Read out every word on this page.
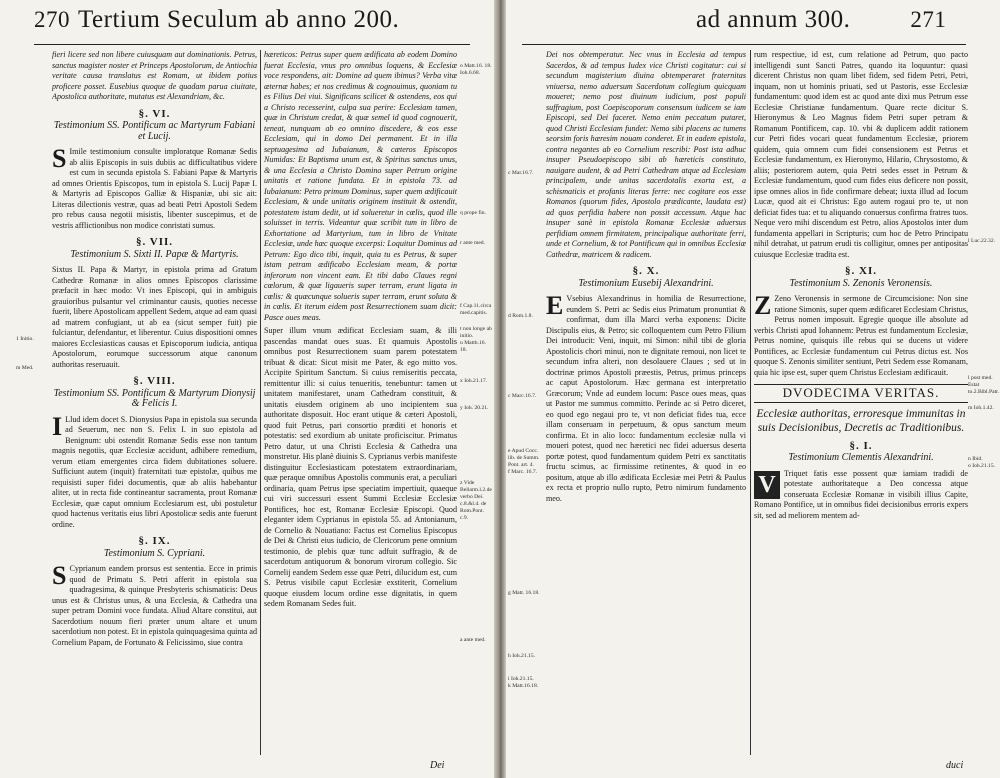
270 Tertium Seculum ab anno 200.

fieri licere sed non libere cuiusquam aut dominationis. Petrus, sanctus magister noster et Princeps Apostolorum, de Antiochia veritate causa translatus est Romam, ut ibidem potius proficere posset. Eusebius quoque de quadam parua ciuitate, Apostolica authoritate, mutatus est Alexandriam, &c.

§. VI.
Testimonium SS. Pontificum ac Martyrum Fabiani et Lucij.

S Imile testimonium consulte imploratque Romanæ Sedis ab aliis Episcopis in suis dubiis ac difficultatibus videre est cum in secunda epistola S. Fabiani Papæ & Martyris ad omnes Orientis Episcopos, tum in epistola S. Lucij Papæ I. & Martyris ad Episcopos Galliæ & Hispaniæ, ubi sic ait: Literas dilectionis vestræ, quas ad beati Petri Apostoli Sedem pro rebus causa negotii misistis, libenter suscepimus, et de vestris afflictionibus non modice conristati sumus.

§. VII.
Testimonium S. Sixti II. Papæ & Martyris.

Sixtus II. Papa & Martyr, in epistola prima ad Gratum Cathedræ Romanæ in alios omnes Episcopos clarissime præfacit in hæc modo: Vt ines Episcopi, qui in ambiguis grauioribus pulsantur vel criminantur causis, quoties necesse fuerit, libere Apostolicam appellent Sedem, atque ad eam quasi ad matrem confugiant, ut ab ea (sicut semper fuit) pie fulciantur, defendantur, et liberentur. Cuius dispositioni omnes maiores Ecclesiasticas causas et Episcoporum iudicia, antiqua Apostolorum, eorumque successorum atque canonum authoritas reseruauit.

§. VIII.
Testimonium SS. Pontificum & Martyrum Dionysij & Felicis I.

I Llud idem docet S. Dionysius Papa in epistola sua secunda ad Seuerum, nec non S. Felix I. in suo epistola ad Benignum: ubi ostendit Romanæ Sedis esse non tantum magnis negotiis, quæ Ecclesiæ accidunt, adhibere remedium, verum etiam emergentes circa fidem dubitationes soluere. Sufficiunt autem (inquit) fraternitati tuæ epistolæ, quibus me requisisti super fidei documentis, quæ ab aliis habebantur aliter, ut in recta fide contineantur sacramenta, prout Romanæ Ecclesiæ, quæ caput omnium Ecclesiarum est, ubi postuletur quod hactenus veritatis eius libri Apostolicæ sedis ante fuerunt ordine.

§. IX.
Testimonium S. Cypriani.

S Cyprianum eandem prorsus est sententia. Ecce in primis quod de Primatu S. Petri afferit in epistola sua quadragesima, & quinque Presbyteris schismaticis: Deus unus est & Christus unus, & una Ecclesia, & Cathedra una super petram Domini voce fundata. Aliud Altare constitui, aut Sacerdotium nouum fieri præter unum altare et unum sacerdotium non potest. Et in epistola quinquagesima quinta ad Cornelium Papam, de Fortunato & Felicissimo, siue contra

hæreticos: Petrus super quem ædificata ab eodem Domino fuerat Ecclesia, vnus pro omnibus loquens, & Ecclesiæ voce respondens, ait: Domine ad quem ibimus? Verba vitæ æternæ habes; et nos credimus & cognouimus, quoniam tu es Filius Dei viui. Significans scilicet & ostendens, eos qui a Christo recesserint, culpa sua perire: Ecclesiam tamen, quæ in Christum credat, & quæ semel id quod cognouerit, teneat, nunquam ab eo omnino discedere, & eos esse Ecclesiam, qui in domo Dei permanent. Et in illa septuagesima ad Iubaianum, & cæteros Episcopos Numidas: Et Baptisma unum est, & Spiritus sanctus unus, & una Ecclesia a Christo Domino super Petrum origine unitatis et ratione fundata. Et in epistola 73. ad Iubaianum: Petro primum Dominus, super quem ædificauit Ecclesiam, & unde unitatis originem instituit & ostendit, potestatem istam dedit, ut id solueretur in cœlis, quod ille soluisset in terris. Videantur quæ scribit tum in libro de Exhortatione ad Martyrium, tum in libro de Vnitate Ecclesiæ, unde hæc quoque excerpsi: Loquitur Dominus ad Petrum: Ego dico tibi, inquit, quia tu es Petrus, & super istam petram ædificabo Ecclesiam meam, & portæ inferorum non vincent eam. Et tibi dabo Claues regni cœlorum, & quæ ligaueris super terram, erunt ligata in cœlis: & quæcunque solueris super terram, erunt soluta & in cœlis. Et iterum eidem post Resurrectionem suam dicit: Pasce oues meas.

Super illum vnum ædificat Ecclesiam suam, & illi pascendas mandat oues suas. Et quamuis Apostolis omnibus post Resurrectionem suam parem potestatem tribuat & dicat: Sicut misit me Pater, & ego mitto vos. Accipite Spiritum Sanctum. Si cuius remiseritis peccata, remittentur illi: si cuius tenueritis, tenebuntur: tamen ut unitatem manifestaret, unam Cathedram constituit, & unitatis eiusdem originem ab uno incipientem sua authoritate disposuit. Hoc erant utique & cæteri Apostoli, quod fuit Petrus, pari consortio præditi et honoris et potestatis: sed exordium ab unitate proficiscitur. Primatus Petro datur, ut una Christi Ecclesia & Cathedra una monstretur. His planè diuinis S. Cyprianus verbis manifeste distinguitur Ecclesiasticam potestatem extraordinariam, quæ peraque omnibus Apostolis communis erat, a peculiari ordinaria, quam Petrus ipse speciatim impertiuit, quaeque cui viri successuri essent Summi Ecclesiæ Ecclesiæ Pontifices, hoc est, Romanæ Ecclesiæ Episcopi. Quod eleganter idem Cyprianus in epistola 55. ad Antonianum, de Cornelio & Nouatiano: Factus est Cornelius Episcopus de Dei & Christi eius iudicio, de Clericorum pene omnium testimonio, de plebis quæ tunc adfuit suffragio, & de sacerdotum antiquorum & bonorum virorum collegio. Sic Cornelij eandem Sedem esse quæ Petri, dilucidum est, cum S. Petrus visibile caput Ecclesiæ exstiterit, Cornelium quoque eiusdem locum ordine esse dignitatis, in quem sedem Romanam Sedes fuit.

1 Initio.
m Med.
o Matt.16. 18.
Ioh.6.68.
q prope fin.
r ante med.
f Cap.11.circa med.capitis.
t non longe ab initio.
u Matth.16. 18.
x Ioh.21.17.
y Ioh. 20.21.
z Vide Bellarm.l.2.de verbo Dei.
c.8.&l.4. de Rom.Pont.
c.9.
a ante med.
Dei
ad annum 300.	271

Dei nos obtemperatur. Nec vnus in Ecclesia ad tempus Sacerdos, & ad tempus Iudex vice Christi cogitatur: cui si secundum magisterium diuina obtemperaret fraternitas vniuersa, nemo aduersum Sacerdotum collegium quicquam moueret; nemo post diuinum iudicium, post populi suffragium, post Coepiscoporum consensum iudicem se iam Episcopi, sed Dei faceret. Nemo enim peccatum putaret, quod Christi Ecclesiam fundet: Nemo sibi placens ac tumens seorsim foris hæresim nouam conderet. Et in eadem epistola, contra negantes ab eo Cornelium rescribi: Post ista adhuc insuper Pseudoepiscopo sibi ab hæreticis constituto, nauigare audent, & ad Petri Cathedram atque ad Ecclesiam principalem, unde unitas sacerdotalis exorta est, a schismaticis et profanis literas ferre: nec cogitare eos esse Romanos (quorum fides, Apostolo prædicante, laudata est) ad quos perfidia habere non possit accessum. Atque hac insuper sanè in epistola Romanæ Ecclesiæ aduersus perfidiam omnem firmitatem, principalique authoritate ferri, unde et Cornelium, & tot Pontificum qui in omnibus Ecclesiæ Cathedræ, matricem & radicem.

§. X.
Testimonium Eusebij Alexandrini.

E Vsebius Alexandrinus in homilia de Resurrectione, eundem S. Petri ac Sedis eius Primatum pronuntiat & confirmat, dum illa Marci verba exponens: Dicite Discipulis eius, & Petro; sic colloquentem cum Petro Filium Dei introducit: Veni, inquit, mi Simon: nihil tibi de gloria Apostolicis chori minui, non te dignitate remoui, non licet te secundum infra alteri, non desolauere Claues ; sed ut in doctrinæ primos Apostoli præestis, Petrus, primus princeps ac caput Apostolorum. Hæc germana est interpretatio Græcorum; Vnde ad eundem locum: Pasce oues meas, quas ut Pastor me summus committo. Perinde ac si Petro diceret, eo quod ego negaui pro te, vt non deficiat fides tua, ecce illam conseruam in perpetuum, & opus sanctum meum confirma. Et in alio loco: fundamentum ecclesiæ nulla vi moueri potest, quod nec hæretici nec fidei aduersus deserta portæ potest, quod fundamentum quidem Petri ex sanctitatis fructu scimus, ac firmissime retinentes, & quod in eo positum, atque ab illo ædificata Ecclesiæ mei Petri & Paulus ex recta et proprio nullo rupto, Petro nimirum fundamento meo.

rum respectiue, id est, cum relatione ad Petrum, quo pacto intelligendi sunt Sancti Patres, quando ita loquuntur: quasi dicerent Christus non quam libet fidem, sed fidem Petri, Petri, inquam, non ut hominis priuati, sed ut Pastoris, esse Ecclesiæ fundamentum: quod idem est ac quod ante dixi mus Petrum esse Ecclesiæ Christianæ fundamentum. Quare recte dicitur S. Hieronymus & Leo Magnus fidem Petri super petram & Romanum Pontificem, cap. 10. vbi & duplicem addit rationem cur Petri fides vocari queat fundamentum Ecclesiæ, priorem quidem, quia omnem cum fidei consensionem est Petrus et Ecclesiæ fundamentum, ex Hieronymo, Hilario, Chrysostomo, & aliis; posteriorem autem, quia Petri sedes esset in Petrum & Ecclesiæ fundamentum, quod cum fides eius deficere non possit, ipse omnes alios in fide confirmare debeat; iuxta illud ad Iocum Lucæ, quod ait ei Christus: Ego autem rogaui pro te, ut non deficiat fides tua: et tu aliquando conuersus confirma fratres tuos. Neque vero mihi discendum est Petro, alios Apostolos inter dum fundamenta appellari in Scripturis; cum hoc de Petro Principatu nihil detrahat, ut patrum erudi tis colligitur, omnes per antipositas cuiusque Ecclesiæ tradita est.

§. XI.
Testimonium S. Zenonis Veronensis.

Z Zeno Veronensis in sermone de Circumcisione: Non sine ratione Simonis, super quem ædificaret Ecclesiam Christus, Petrus nomen imposuit. Egregie quoque ille absolute ad verbis Christi apud Iohannem: Petrus est fundamentum Ecclesiæ, Petrus nomine, quisquis ille rebus qui se ducens ut videre Pontifices, ac Ecclesiæ fundamentum cui Petrus dictus est. Nos quoque S. Zenonis similiter sentiunt, Petri Sedem esse Romanam, quia hic ipse est, super quem Christus Ecclesiam ædificauit.

DVODECIMA VERITAS.
Ecclesiæ authoritas, erroresque immunitas in suis Decisionibus, Decretis ac Traditionibus.
§. I.
Testimonium Clementis Alexandrini.

V	Triquet fatis esse possent quæ iamiam tradidi de potestate authoritateque a Deo concessa atque conseruata Ecclesiæ Romanæ in visibili illius Capite, Romano Pontifice, ut in omnibus fidei decisionibus erroris expers sit, sed ad meliorem mentem ad-

c Mar.16.7.
d Rom.1.8.
c Marc.16.7.
e Apud Cocc. lib. de Summ. Pont. art. 4.
f Marc. 16.7.
g Matt. 16.18.
h Ioh.21.15.
i Ioh.21.15.
k Matt.16.18.
l Luc.22.32.
l post med.
Estat to.2.Bibl.Patr.
m Ioh.1.42.
n Ibid.
o Ioh.21.15.
duci
